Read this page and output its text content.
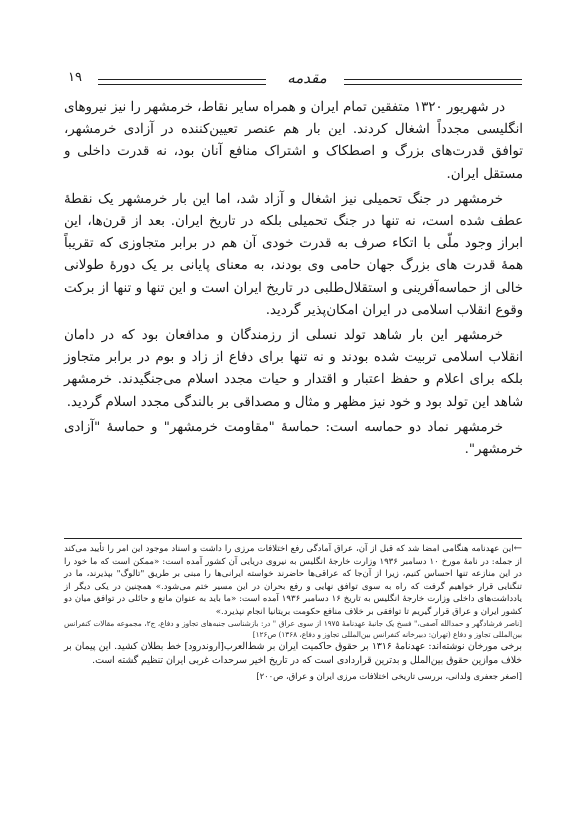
۱۹	مقدمه

در شهریور ۱۳۲۰ متفقین تمام ایران و همراه سایر نقاط، خرمشهر را نیز نیروهای انگلیسی مجدداً اشغال کردند. این بار هم عنصر تعیین‌کننده در آزادی خرمشهر، توافق قدرت‌های بزرگ و اصطکاک و اشتراک منافع آنان بود، نه قدرت داخلی و مستقل ایران.

خرمشهر در جنگ تحمیلی نیز اشغال و آزاد شد، اما این بار خرمشهر یک نقطهٔ عطف شده است، نه تنها در جنگ تحمیلی بلکه در تاریخ ایران. بعد از قرن‌ها، این ابراز وجود ملّی با اتکاء صرف به قدرت خودی آن هم در برابر متجاوزی که تقریباً همهٔ قدرت های بزرگ جهان حامی وی بودند، به معنای پایانی بر یک دورهٔ طولانی خالی از حماسه‌آفرینی و استقلال‌طلبی در تاریخ ایران است و این تنها و تنها از برکت وقوع انقلاب اسلامی در ایران امکان‌پذیر گردید.

خرمشهر این بار شاهد تولد نسلی از رزمندگان و مدافعان بود که در دامان انقلاب اسلامی تربیت شده بودند و نه تنها برای دفاع از زاد و بوم در برابر متجاوز بلکه برای اعلام و حفظ اعتبار و اقتدار و حیات مجدد اسلام می‌جنگیدند. خرمشهر شاهد این تولد بود و خود نیز مظهر و مثال و مصداقی بر بالندگی مجدد اسلام گردید.

خرمشهر نماد دو حماسه است: حماسهٔ "مقاومت خرمشهر" و حماسهٔ "آزادی خرمشهر".

←این عهدنامه هنگامی امضا شد که قبل از آن، عراق آمادگی رفع اختلافات مرزی را داشت و اسناد موجود این امر را تأیید می‌کند از جمله: در نامهٔ مورخ ۱۰ دسامبر ۱۹۳۶ وزارت خارجهٔ انگلیس به نیروی دریایی آن کشور آمده است: «ممکن است که ما خود را در این منازعه تنها احساس کنیم، زیرا از آن‌جا که عراقی‌ها حاضرند خواسته ایرانی‌ها را مبنی بر طریق "تالوگ" بپذیرند، ما در تنگنایی قرار خواهیم گرفت که راه به سوی توافق نهایی و رفع بحران در این مسیر ختم می‌شود.» همچنین در یکی دیگر از یادداشت‌های داخلی وزارت خارجهٔ انگلیس به تاریخ ۱۶ دسامبر ۱۹۳۶ آمده است: «ما باید به عنوان مانع و حائلی در توافق میان دو کشور ایران و عراق قرار گیریم تا توافقی بر خلاف منافع حکومت بریتانیا انجام نپذیرد.»

[ناصر فرشادگهر و حمدالله آصفی،" فسخ یک جانبهٔ عهدنامهٔ ۱۹۷۵ از سوی عراق " در: بازشناسی جنبه‌های تجاوز و دفاع، ج۲، مجموعه مقالات کنفرانس بین‌المللی تجاوز و دفاع (تهران: دبیرخانه کنفرانس بین‌المللی تجاوز و دفاع، ۱۳۶۸) ص۱۲۶]

برخی مورخان نوشته‌اند: عهدنامهٔ ۱۳۱۶ بر حقوق حاکمیت ایران بر شط‌العرب[اروندرود] خط بطلان کشید. این پیمان بر خلاف موازین حقوق بین‌الملل و بدترین قراردادی است که در تاریخ اخیر سرحدات غربی ایران تنظیم گشته است.

[اصغر جعفری ولدانی، بررسی تاریخی اختلافات مرزی ایران و عراق، ص۲۰۰]
